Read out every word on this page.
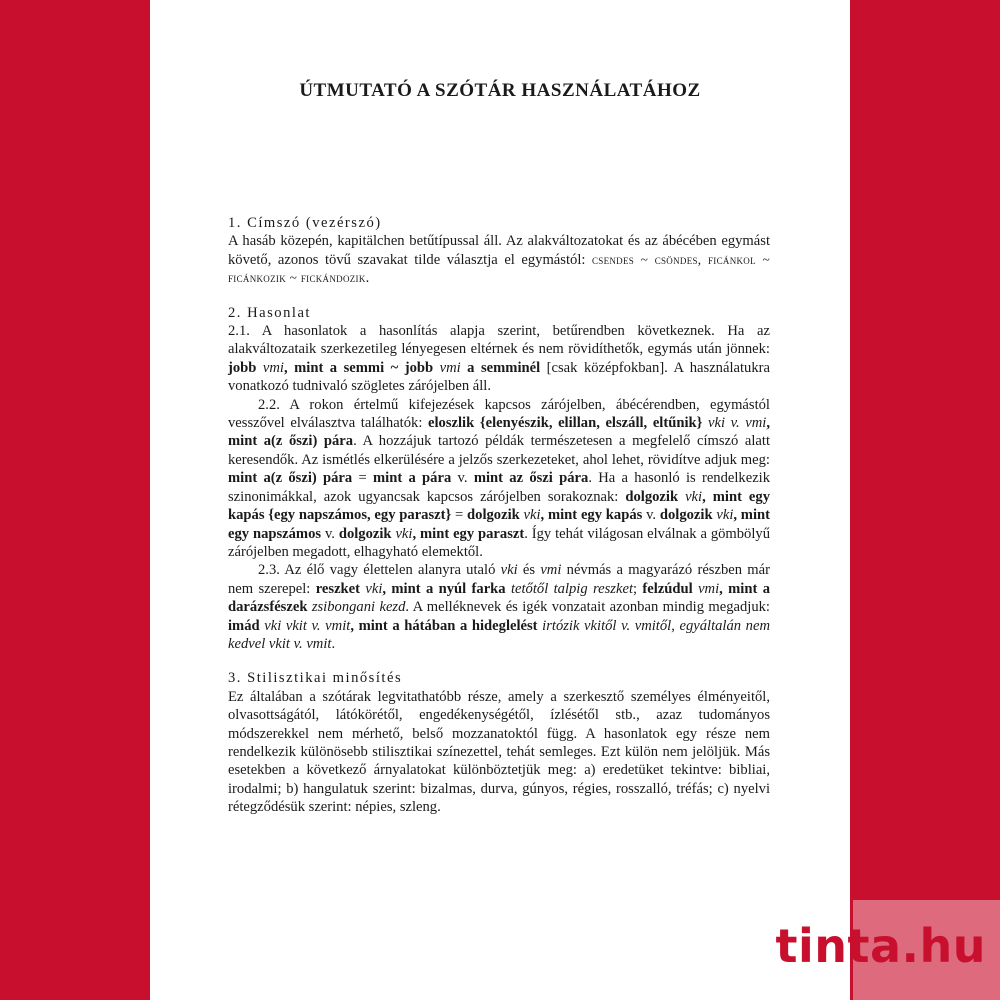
ÚTMUTATÓ A SZÓTÁR HASZNÁLATÁHOZ
1. Címszó (vezérszó)

A hasáb közepén, kapitälchen betűtípussal áll. Az alakváltozatokat és az ábécében egymást követő, azonos tövű szavakat tilde választja el egymástól: csendes ~ csöndes, ficánkol ~ ficánkozik ~ fickándozik.

2. Hasonlat

2.1. A hasonlatok a hasonlítás alapja szerint, betűrendben következnek. Ha az alakváltozataik szerkezetileg lényegesen eltérnek és nem rövidíthetők, egymás után jönnek: jobb vmi, mint a semmi ~ jobb vmi a semminél [csak középfokban]. A használatukra vonatkozó tudnivaló szögletes zárójelben áll.

2.2. A rokon értelmű kifejezések kapcsos zárójelben, ábécérendben, egymástól vesszővel elválasztva találhatók: eloszlik {elenyészik, elillan, elszáll, eltűnik} vki v. vmi, mint a(z őszi) pára. A hozzájuk tartozó példák természetesen a megfelelő címszó alatt keresendők. Az ismétlés elkerülésére a jelzős szerkezeteket, ahol lehet, rövidítve adjuk meg: mint a(z őszi) pára = mint a pára v. mint az őszi pára. Ha a hasonló is rendelkezik szinonimákkal, azok ugyancsak kapcsos zárójelben sorakoznak: dolgozik vki, mint egy kapás {egy napszámos, egy paraszt} = dolgozik vki, mint egy kapás v. dolgozik vki, mint egy napszámos v. dolgozik vki, mint egy paraszt. Így tehát világosan elválnak a gömbölyű zárójelben megadott, elhagyható elemektől.

2.3. Az élő vagy élettelen alanyra utaló vki és vmi névmás a magyarázó részben már nem szerepel: reszket vki, mint a nyúl farka tetőtől talpig reszket; felzúdul vmi, mint a darázsfészek zsibongani kezd. A melléknevek és igék vonzatait azonban mindig megadjuk: imád vki vkit v. vmit, mint a hátában a hideglelést irtózik vkitől v. vmitől, egyáltalán nem kedvel vkit v. vmit.

3. Stilisztikai minősítés

Ez általában a szótárak legvitathatóbb része, amely a szerkesztő személyes élményeitől, olvasottságától, látókörétől, engedékenységétől, ízlésétől stb., azaz tudományos módszerekkel nem mérhető, belső mozzanatoktól függ. A hasonlatok egy része nem rendelkezik különösebb stilisztikai színezettel, tehát semleges. Ezt külön nem jelöljük. Más esetekben a következő árnyalatokat különböztetjük meg: a) eredetüket tekintve: bibliai, irodalmi; b) hangulatuk szerint: bizalmas, durva, gúnyos, régies, rosszalló, tréfás; c) nyelvi rétegződésük szerint: népies, szleng.

tinta.hu
